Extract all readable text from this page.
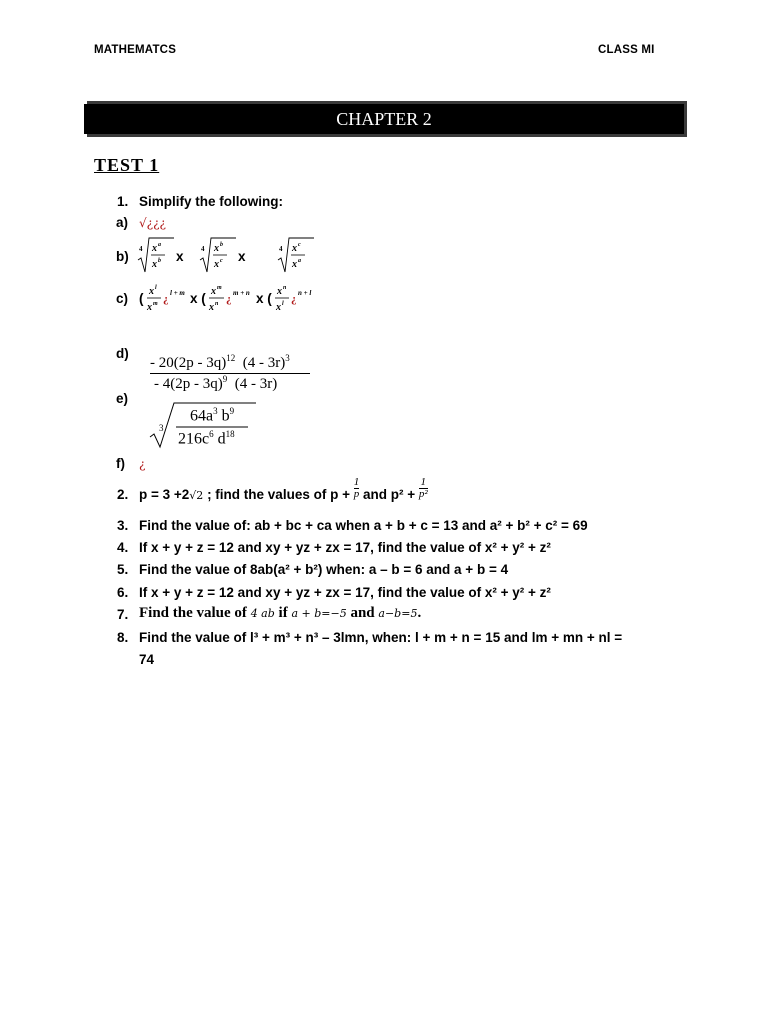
MATHEMATCS	CLASS MI
CHAPTER 2
TEST 1
1. Simplify the following:
a) √¿¿¿
b) 4 x a
x b x 4 x b
x c x	4 x c
x a
c) ( x l
x m ¿ l + m x ( x m
x n ¿ m + n x ( x n
x l ¿ n + l
$d) \frac{- 20(2p - 3q)^{12} (4 - 3r)^3}{- 4(2p - 3q)^9 (4 - 3r)}$
e)
3
$64a^3$ $b^9$
$216c^6$ $d^{18}$
f) ¿
2. p = 3 +2√2 ; find the values of $p + \frac{1}{p}$ and $p^2 + \frac{1}{\text{p²}}$
3. Find the value of: ab + bc + ca when a + b + c = 13 and a² + b² + c² = 69
4. If x + y + z = 12 and xy + yz + zx = 17, find the value of x² + y² + z²
5. Find the value of 8ab(a² + b²) when: a – b = 6 and a + b = 4
6. If x + y + z = 12 and xy + yz + zx = 17, find the value of x² + y² + z²
7. Find the value of 4 ab if a + b=−5 and a−b=5.
8. Find the value of l³ + m³ + n³ – 3lmn, when: l + m + n = 15 and lm + mn + nl =
74
